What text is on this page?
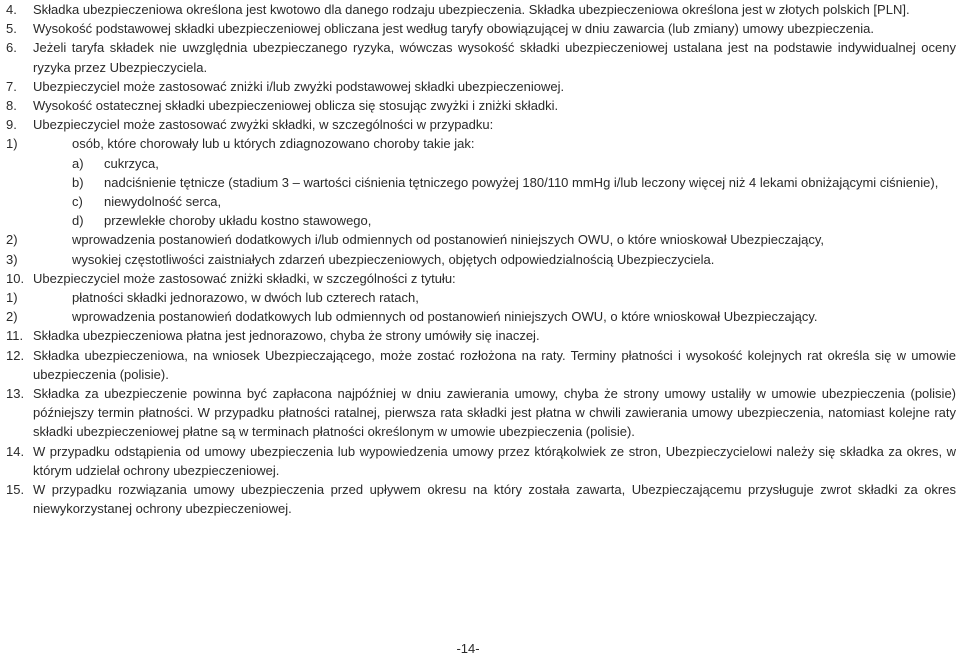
4. Składka ubezpieczeniowa określona jest kwotowo dla danego rodzaju ubezpieczenia. Składka ubezpieczeniowa określona jest w złotych polskich [PLN].
5. Wysokość podstawowej składki ubezpieczeniowej obliczana jest według taryfy obowiązującej w dniu zawarcia (lub zmiany) umowy ubezpieczenia.
6. Jeżeli taryfa składek nie uwzględnia ubezpieczanego ryzyka, wówczas wysokość składki ubezpieczeniowej ustalana jest na podstawie indywidualnej oceny ryzyka przez Ubezpieczyciela.
7. Ubezpieczyciel może zastosować zniżki i/lub zwyżki podstawowej składki ubezpieczeniowej.
8. Wysokość ostatecznej składki ubezpieczeniowej oblicza się stosując zwyżki i zniżki składki.
9. Ubezpieczyciel może zastosować zwyżki składki, w szczególności w przypadku:
1)	osób, które chorowały lub u których zdiagnozowano choroby takie jak:
a) cukrzyca,
b) nadciśnienie tętnicze (stadium 3 – wartości ciśnienia tętniczego powyżej 180/110 mmHg i/lub leczony więcej niż 4 lekami obniżającymi ciśnienie),
c) niewydolność serca,
d) przewlekłe choroby układu kostno stawowego,
2)	wprowadzenia postanowień dodatkowych i/lub odmiennych od postanowień niniejszych OWU, o które wnioskował Ubezpieczający,
3)	wysokiej częstotliwości zaistniałych zdarzeń ubezpieczeniowych, objętych odpowiedzialnością Ubezpieczyciela.
10. Ubezpieczyciel może zastosować zniżki składki, w szczególności z tytułu:
1)	płatności składki jednorazowo, w dwóch lub czterech ratach,
2)	wprowadzenia postanowień dodatkowych lub odmiennych od postanowień niniejszych OWU, o które wnioskował Ubezpieczający.
11. Składka ubezpieczeniowa płatna jest jednorazowo, chyba że strony umówiły się inaczej.
12. Składka ubezpieczeniowa, na wniosek Ubezpieczającego, może zostać rozłożona na raty. Terminy płatności i wysokość kolejnych rat określa się w umowie ubezpieczenia (polisie).
13. Składka za ubezpieczenie powinna być zapłacona najpóźniej w dniu zawierania umowy, chyba że strony umowy ustaliły w umowie ubezpieczenia (polisie) późniejszy termin płatności. W przypadku płatności ratalnej, pierwsza rata składki jest płatna w chwili zawierania umowy ubezpieczenia, natomiast kolejne raty składki ubezpieczeniowej płatne są w terminach płatności określonym w umowie ubezpieczenia (polisie).
14. W przypadku odstąpienia od umowy ubezpieczenia lub wypowiedzenia umowy przez którąkolwiek ze stron, Ubezpieczycielowi należy się składka za okres, w którym udzielał ochrony ubezpieczeniowej.
15. W przypadku rozwiązania umowy ubezpieczenia przed upływem okresu na który została zawarta, Ubezpieczającemu przysługuje zwrot składki za okres niewykorzystanej ochrony ubezpieczeniowej.
-14-
